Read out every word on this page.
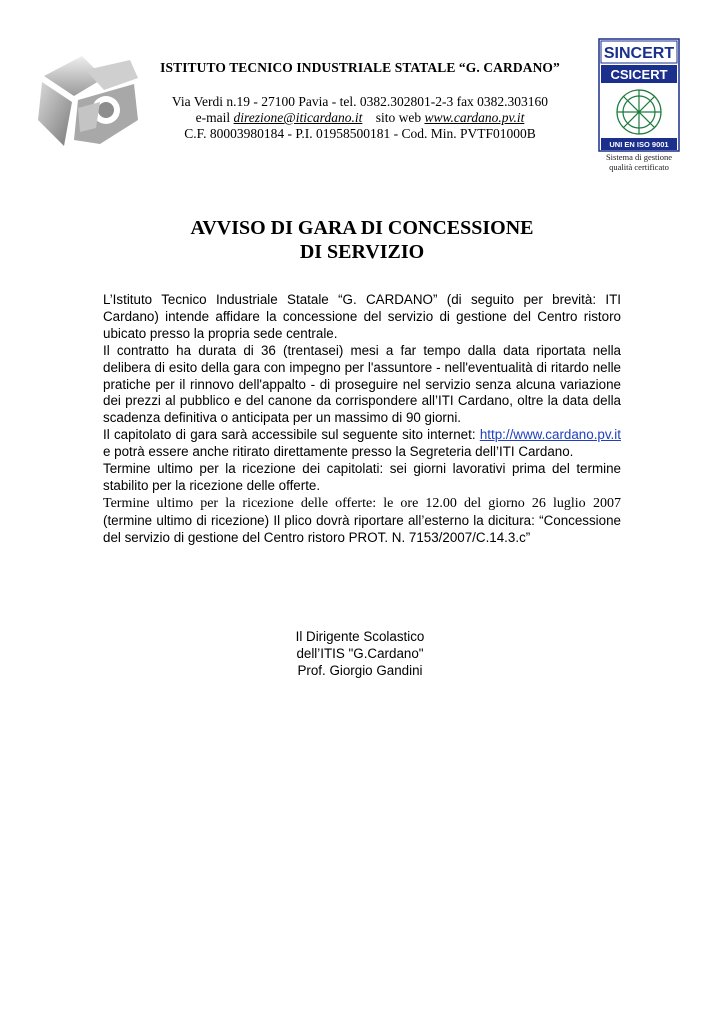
SINCERT
CSICERT
UNI EN ISO 9001
Sistema di gestione
qualità certificato
ISTITUTO TECNICO INDUSTRIALE STATALE “G. CARDANO”
Via Verdi n.19 - 27100 Pavia - tel. 0382.302801-2-3 fax 0382.303160
e-mail direzione@iticardano.it sito web www.cardano.pv.it
C.F. 80003980184 - P.I. 01958500181 - Cod. Min. PVTF01000B
AVVISO DI GARA DI CONCESSIONE
DI SERVIZIO

L’Istituto Tecnico Industriale Statale “G. CARDANO” (di seguito per brevità: ITI Cardano) intende affidare la concessione del servizio di gestione del Centro ristoro ubicato presso la propria sede centrale.

Il contratto ha durata di 36 (trentasei) mesi a far tempo dalla data riportata nella delibera di esito della gara con impegno per l'assuntore - nell'eventualità di ritardo nelle pratiche per il rinnovo dell'appalto - di proseguire nel servizio senza alcuna variazione dei prezzi al pubblico e del canone da corrispondere all’ITI Cardano, oltre la data della scadenza definitiva o anticipata per un massimo di 90 giorni.

Il capitolato di gara sarà accessibile sul seguente sito internet: http://www.cardano.pv.it e potrà essere anche ritirato direttamente presso la Segreteria dell’ITI Cardano.

Termine ultimo per la ricezione dei capitolati: sei giorni lavorativi prima del termine stabilito per la ricezione delle offerte.

Termine ultimo per la ricezione delle offerte: le ore 12.00 del giorno 26 luglio 2007 (termine ultimo di ricezione) Il plico dovrà riportare all’esterno la dicitura: “Concessione del servizio di gestione del Centro ristoro PROT. N. 7153/2007/C.14.3.c”

Il Dirigente Scolastico
dell’ITIS "G.Cardano"
Prof. Giorgio Gandini
